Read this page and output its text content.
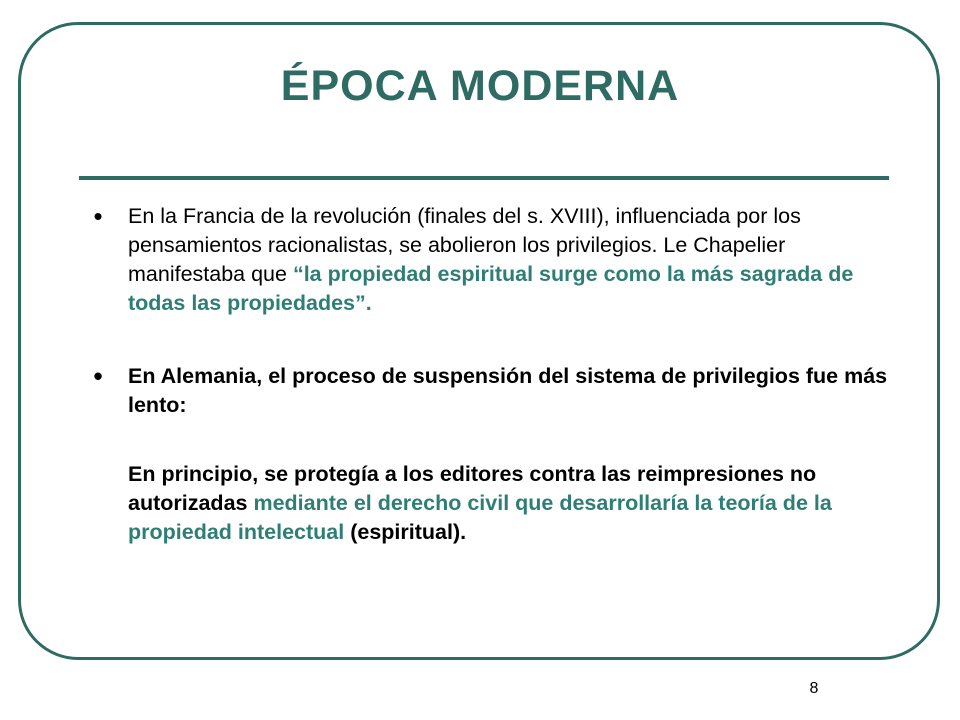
ÉPOCA MODERNA
• En la Francia de la revolución (finales del s. XVIII), influenciada por los pensamientos racionalistas, se abolieron los privilegios. Le Chapelier manifestaba que “la propiedad espiritual surge como la más sagrada de todas las propiedades”.
• En Alemania, el proceso de suspensión del sistema de privilegios fue más lento:
En principio, se protegía a los editores contra las reimpresiones no autorizadas mediante el derecho civil que desarrollaría la teoría de la propiedad intelectual (espiritual).
8
